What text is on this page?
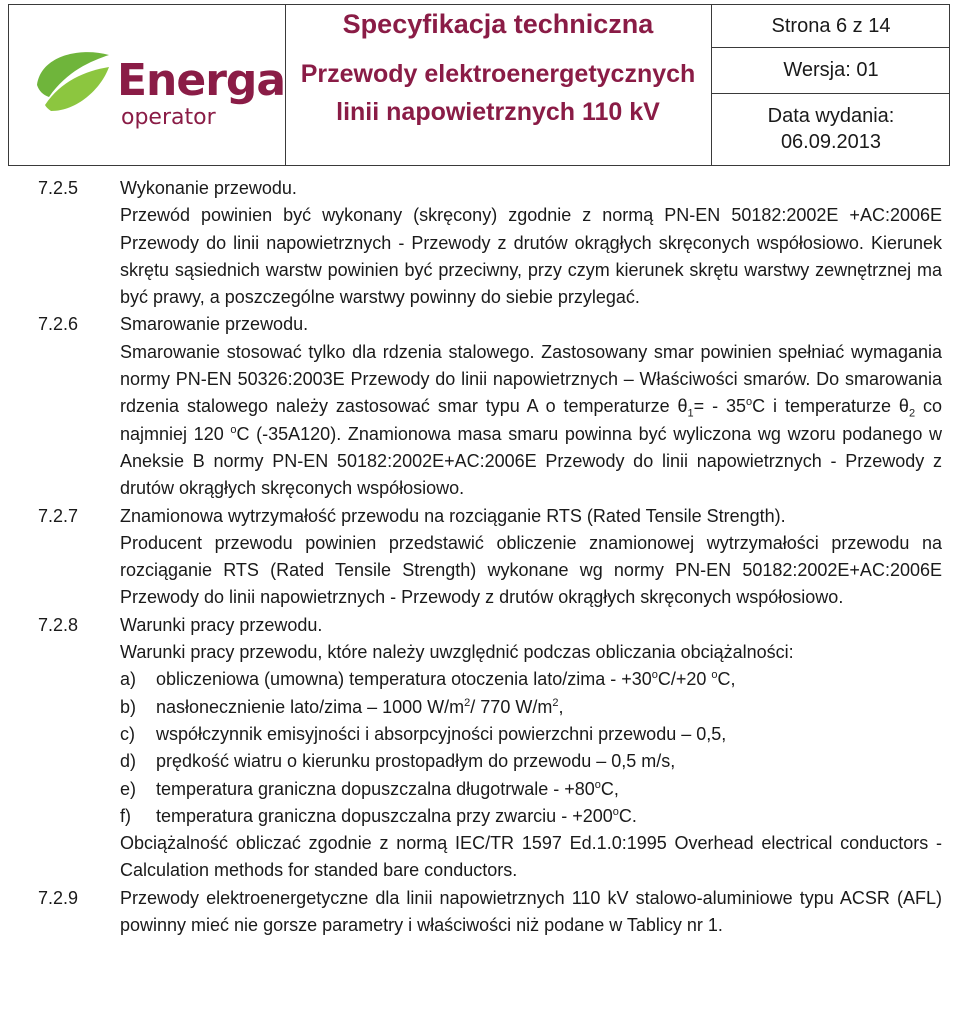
Energa
operator
Specyfikacja techniczna
Przewody elektroenergetycznych linii napowietrznych 110 kV
Strona 6 z 14
Wersja: 01
Data wydania:
06.09.2013
7.2.5	Wykonanie przewodu.
Przewód powinien być wykonany (skręcony) zgodnie z normą PN-EN 50182:2002E +AC:2006E Przewody do linii napowietrznych - Przewody z drutów okrągłych skręconych współosiowo. Kierunek skrętu sąsiednich warstw powinien być przeciwny, przy czym kierunek skrętu warstwy zewnętrznej ma być prawy, a poszczególne warstwy powinny do siebie przylegać.
7.2.6	Smarowanie przewodu.
Smarowanie stosować tylko dla rdzenia stalowego. Zastosowany smar powinien spełniać wymagania normy PN-EN 50326:2003E Przewody do linii napowietrznych – Właściwości smarów. Do smarowania rdzenia stalowego należy zastosować smar typu A o temperaturze $\theta_1= - 35^oC$ i temperaturze $\theta_2$ co najmniej 120 $^o$C (-35A120). Znamionowa masa smaru powinna być wyliczona wg wzoru podanego w Aneksie B normy PN-EN 50182:2002E+AC:2006E Przewody do linii napowietrznych - Przewody z drutów okrągłych skręconych współosiowo.
7.2.7	Znamionowa wytrzymałość przewodu na rozciąganie RTS (Rated Tensile Strength).
Producent przewodu powinien przedstawić obliczenie znamionowej wytrzymałości przewodu na rozciąganie RTS (Rated Tensile Strength) wykonane wg normy PN-EN 50182:2002E+AC:2006E Przewody do linii napowietrznych - Przewody z drutów okrągłych skręconych współosiowo.
7.2.8	Warunki pracy przewodu.
Warunki pracy przewodu, które należy uwzględnić podczas obliczania obciążalności:
a)	obliczeniowa (umowna) temperatura otoczenia lato/zima - $+30^oC/+20$ $^o$C,
b)	nasłonecznienie lato/zima – 1000 $W/m^2/$ 770 $W/m^2$,
c)	współczynnik emisyjności i absorpcyjności powierzchni przewodu – 0,5,
d)	prędkość wiatru o kierunku prostopadłym do przewodu – 0,5 m/s,
e)	temperatura graniczna dopuszczalna długotrwale - $+80^oC$,
f)	temperatura graniczna dopuszczalna przy zwarciu - $+200^oC$.
Obciążalność obliczać zgodnie z normą IEC/TR 1597 Ed.1.0:1995 Overhead electrical conductors - Calculation methods for standed bare conductors.
7.2.9	Przewody elektroenergetyczne dla linii napowietrznych 110 kV stalowo-aluminiowe typu ACSR (AFL) powinny mieć nie gorsze parametry i właściwości niż podane w Tablicy nr 1.
